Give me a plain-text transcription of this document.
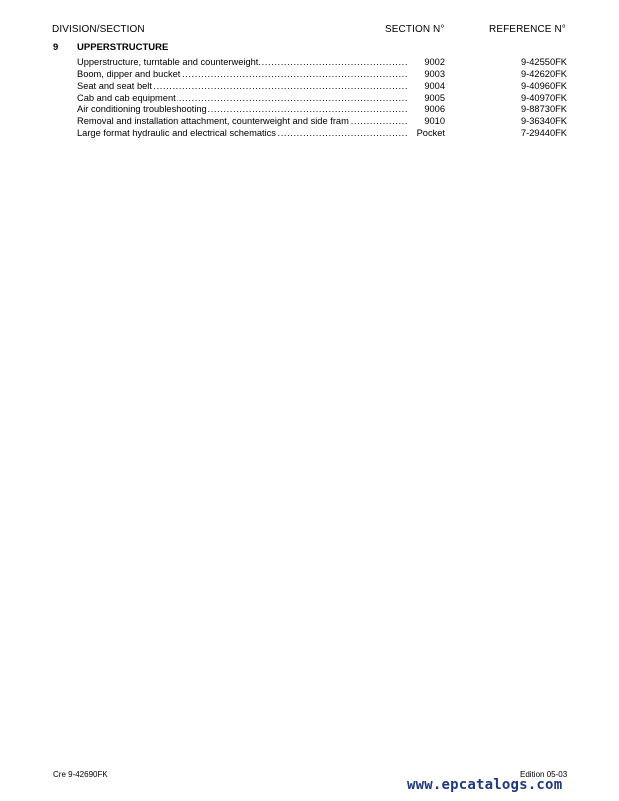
DIVISION/SECTION	SECTION N°	REFERENCE N°
9 UPPERSTRUCTURE
Upperstructure, turntable and counterweight .....	9002	9-42550FK
Boom, dipper and bucket .....	9003	9-42620FK
Seat and seat belt .....	9004	9-40960FK
Cab and cab equipment .....	9005	9-40970FK
Air conditioning troubleshooting .....	9006	9-88730FK
Removal and installation attachment, counterweight and side fram .....	9010	9-36340FK
Large format hydraulic and electrical schematics .....	Pocket	7-29440FK
Cre 9-42690FK	Edition 05-03
www.epcatalogs.com
